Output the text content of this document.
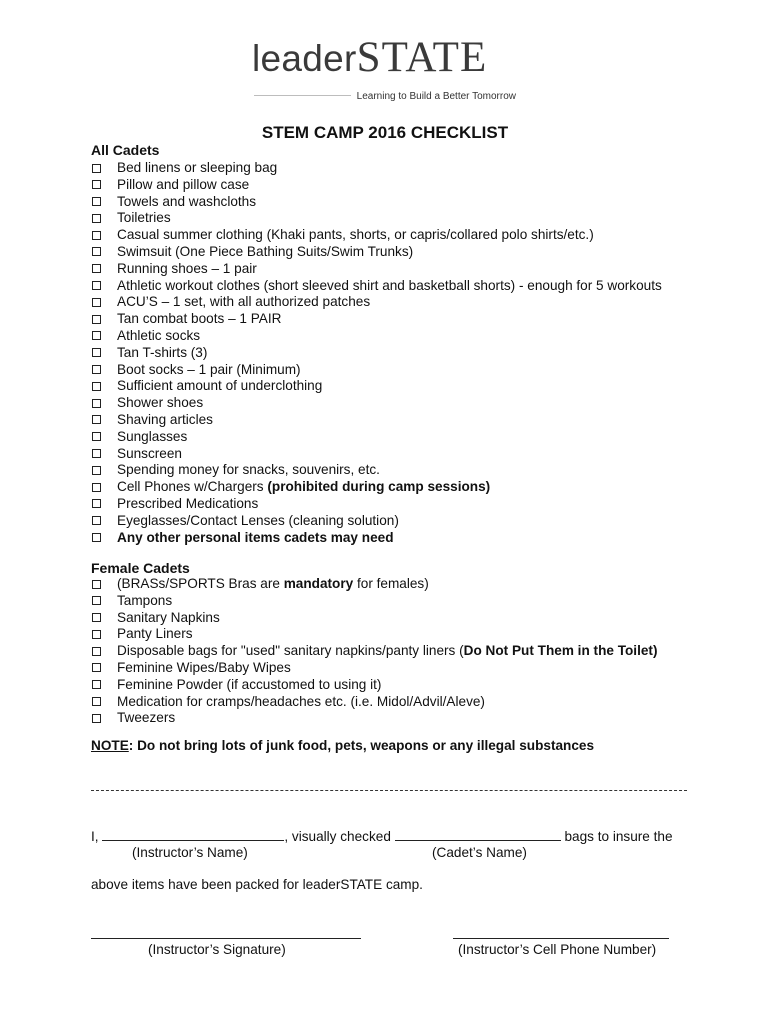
leaderSTATE
Learning to Build a Better Tomorrow
STEM CAMP 2016 CHECKLIST
All Cadets
Bed linens or sleeping bag
Pillow and pillow case
Towels and washcloths
Toiletries
Casual summer clothing (Khaki pants, shorts, or capris/collared polo shirts/etc.)
Swimsuit (One Piece Bathing Suits/Swim Trunks)
Running shoes – 1 pair
Athletic workout clothes (short sleeved shirt and basketball shorts) - enough for 5 workouts
ACU’S – 1 set, with all authorized patches
Tan combat boots – 1 PAIR
Athletic socks
Tan T-shirts (3)
Boot socks – 1 pair (Minimum)
Sufficient amount of underclothing
Shower shoes
Shaving articles
Sunglasses
Sunscreen
Spending money for snacks, souvenirs, etc.
Cell Phones w/Chargers (prohibited during camp sessions)
Prescribed Medications
Eyeglasses/Contact Lenses (cleaning solution)
Any other personal items cadets may need
Female Cadets
(BRASs/SPORTS Bras are mandatory for females)
Tampons
Sanitary Napkins
Panty Liners
Disposable bags for "used" sanitary napkins/panty liners (Do Not Put Them in the Toilet)
Feminine Wipes/Baby Wipes
Feminine Powder (if accustomed to using it)
Medication for cramps/headaches etc. (i.e. Midol/Advil/Aleve)
Tweezers
NOTE: Do not bring lots of junk food, pets, weapons or any illegal substances
I,	, visually checked	bags to insure the
(Instructor’s Name)	(Cadet’s Name)
above items have been packed for leaderSTATE camp.
(Instructor’s Signature)	(Instructor’s Cell Phone Number)
